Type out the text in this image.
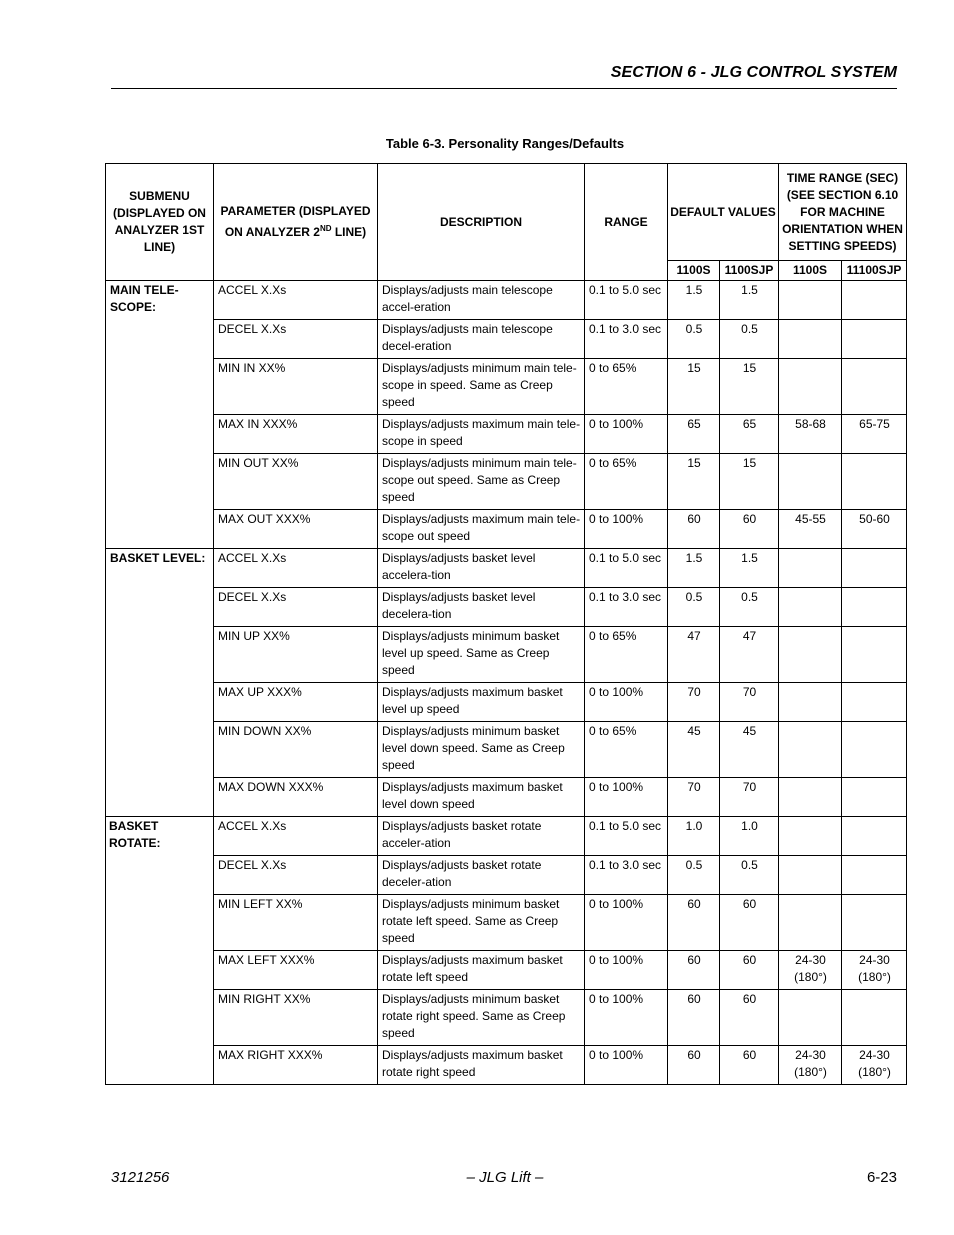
SECTION 6 - JLG CONTROL SYSTEM
Table 6-3. Personality Ranges/Defaults
SUBMENU (DISPLAYED ON ANALYZER 1ST LINE)	PARAMETER (DISPLAYED ON ANALYZER 2ND LINE)	DESCRIPTION	RANGE	DEFAULT VALUES		TIME RANGE (SEC) (SEE SECTION 6.10 FOR MACHINE ORIENTATION WHEN SETTING SPEEDS)	
				1100S	1100SJP	1100S	11100SJP
MAIN TELE-SCOPE:	ACCEL X.Xs	Displays/adjusts main telescope accel-eration	0.1 to 5.0 sec	1.5	1.5		
	DECEL X.Xs	Displays/adjusts main telescope decel-eration	0.1 to 3.0 sec	0.5	0.5		
	MIN IN XX%	Displays/adjusts minimum main tele-scope in speed. Same as Creep speed	0 to 65%	15	15		
	MAX IN XXX%	Displays/adjusts maximum main tele-scope in speed	0 to 100%	65	65	58-68	65-75
	MIN OUT XX%	Displays/adjusts minimum main tele-scope out speed. Same as Creep speed	0 to 65%	15	15		
	MAX OUT XXX%	Displays/adjusts maximum main tele-scope out speed	0 to 100%	60	60	45-55	50-60
BASKET LEVEL:	ACCEL X.Xs	Displays/adjusts basket level accelera-tion	0.1 to 5.0 sec	1.5	1.5		
	DECEL X.Xs	Displays/adjusts basket level decelera-tion	0.1 to 3.0 sec	0.5	0.5		
	MIN UP XX%	Displays/adjusts minimum basket level up speed. Same as Creep speed	0 to 65%	47	47		
	MAX UP XXX%	Displays/adjusts maximum basket level up speed	0 to 100%	70	70		
	MIN DOWN XX%	Displays/adjusts minimum basket level down speed. Same as Creep speed	0 to 65%	45	45		
	MAX DOWN XXX%	Displays/adjusts maximum basket level down speed	0 to 100%	70	70		
BASKET ROTATE:	ACCEL X.Xs	Displays/adjusts basket rotate acceler-ation	0.1 to 5.0 sec	1.0	1.0		
	DECEL X.Xs	Displays/adjusts basket rotate deceler-ation	0.1 to 3.0 sec	0.5	0.5		
	MIN LEFT XX%	Displays/adjusts minimum basket rotate left speed. Same as Creep speed	0 to 100%	60	60		
	MAX LEFT XXX%	Displays/adjusts maximum basket rotate left speed	0 to 100%	60	60	24-30 (180°)	24-30 (180°)
	MIN RIGHT XX%	Displays/adjusts minimum basket rotate right speed. Same as Creep speed	0 to 100%	60	60		
	MAX RIGHT XXX%	Displays/adjusts maximum basket rotate right speed	0 to 100%	60	60	24-30 (180°)	24-30 (180°)
3121256	– JLG Lift –	6-23
